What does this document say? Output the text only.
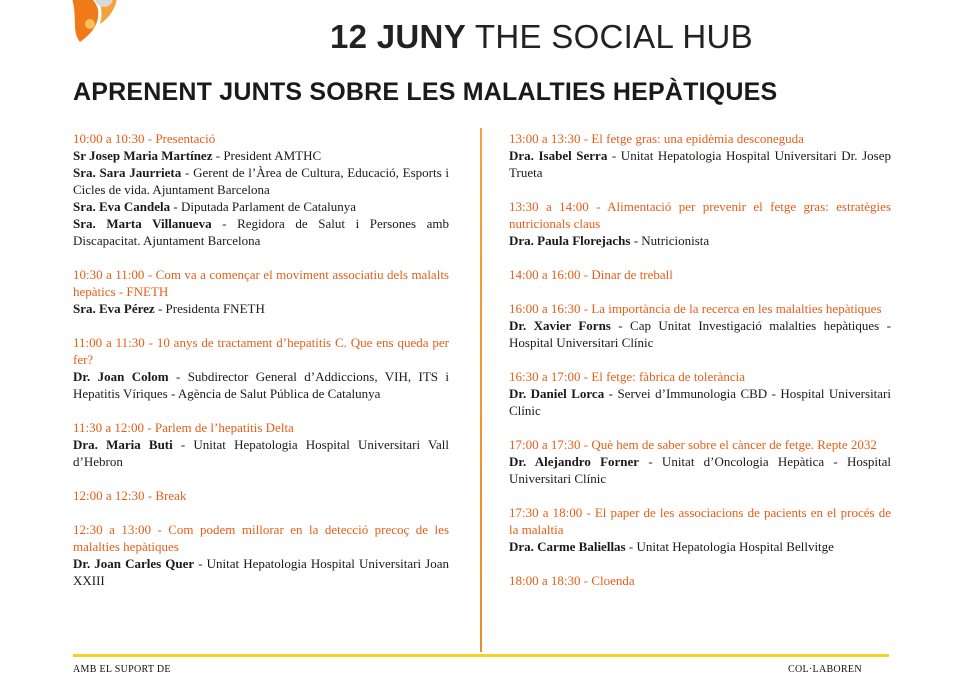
12 JUNY THE SOCIAL HUB
APRENENT JUNTS SOBRE LES MALALTIES HEPÀTIQUES
10:00 a 10:30 - Presentació
Sr Josep Maria Martínez - President AMTHC
Sra. Sara Jaurrieta - Gerent de l’Àrea de Cultura, Educació, Esports i Cicles de vida. Ajuntament Barcelona
Sra. Eva Candela - Diputada Parlament de Catalunya
Sra. Marta Villanueva - Regidora de Salut i Persones amb Discapacitat. Ajuntament Barcelona
10:30 a 11:00 - Com va a començar el moviment associatiu dels malalts hepàtics - FNETH
Sra. Eva Pérez - Presidenta FNETH
11:00 a 11:30 - 10 anys de tractament d’hepatitis C. Que ens queda per fer?
Dr. Joan Colom - Subdirector General d’Addiccions, VIH, ITS i Hepatitis Víriques - Agència de Salut Pública de Catalunya
11:30 a 12:00 - Parlem de l’hepatitis Delta
Dra. Maria Buti - Unitat Hepatologia Hospital Universitari Vall d’Hebron
12:00 a 12:30 - Break
12:30 a 13:00 - Com podem millorar en la detecció precoç de les malalties hepàtiques
Dr. Joan Carles Quer - Unitat Hepatologia Hospital Universitari Joan XXIII
13:00 a 13:30 - El fetge gras: una epidèmia desconeguda
Dra. Isabel Serra - Unitat Hepatologia Hospital Universitari Dr. Josep Trueta
13:30 a 14:00 - Alimentació per prevenir el fetge gras: estratègies nutricionals claus
Dra. Paula Florejachs - Nutricionista
14:00 a 16:00 - Dinar de treball
16:00 a 16:30 - La importància de la recerca en les malalties hepàtiques
Dr. Xavier Forns - Cap Unitat Investigació malalties hepàtiques - Hospital Universitari Clínic
16:30 a 17:00 - El fetge: fàbrica de tolerància
Dr. Daniel Lorca - Servei d’Immunologia CBD - Hospital Universitari Clínic
17:00 a 17:30 - Què hem de saber sobre el càncer de fetge. Repte 2032
Dr. Alejandro Forner - Unitat d’Oncologia Hepàtica - Hospital Universitari Clínic
17:30 a 18:00 - El paper de les associacions de pacients en el procés de la malaltia
Dra. Carme Baliellas - Unitat Hepatologia Hospital Bellvitge
18:00 a 18:30 - Cloenda
AMB EL SUPORT DE	COL·LABOREN
